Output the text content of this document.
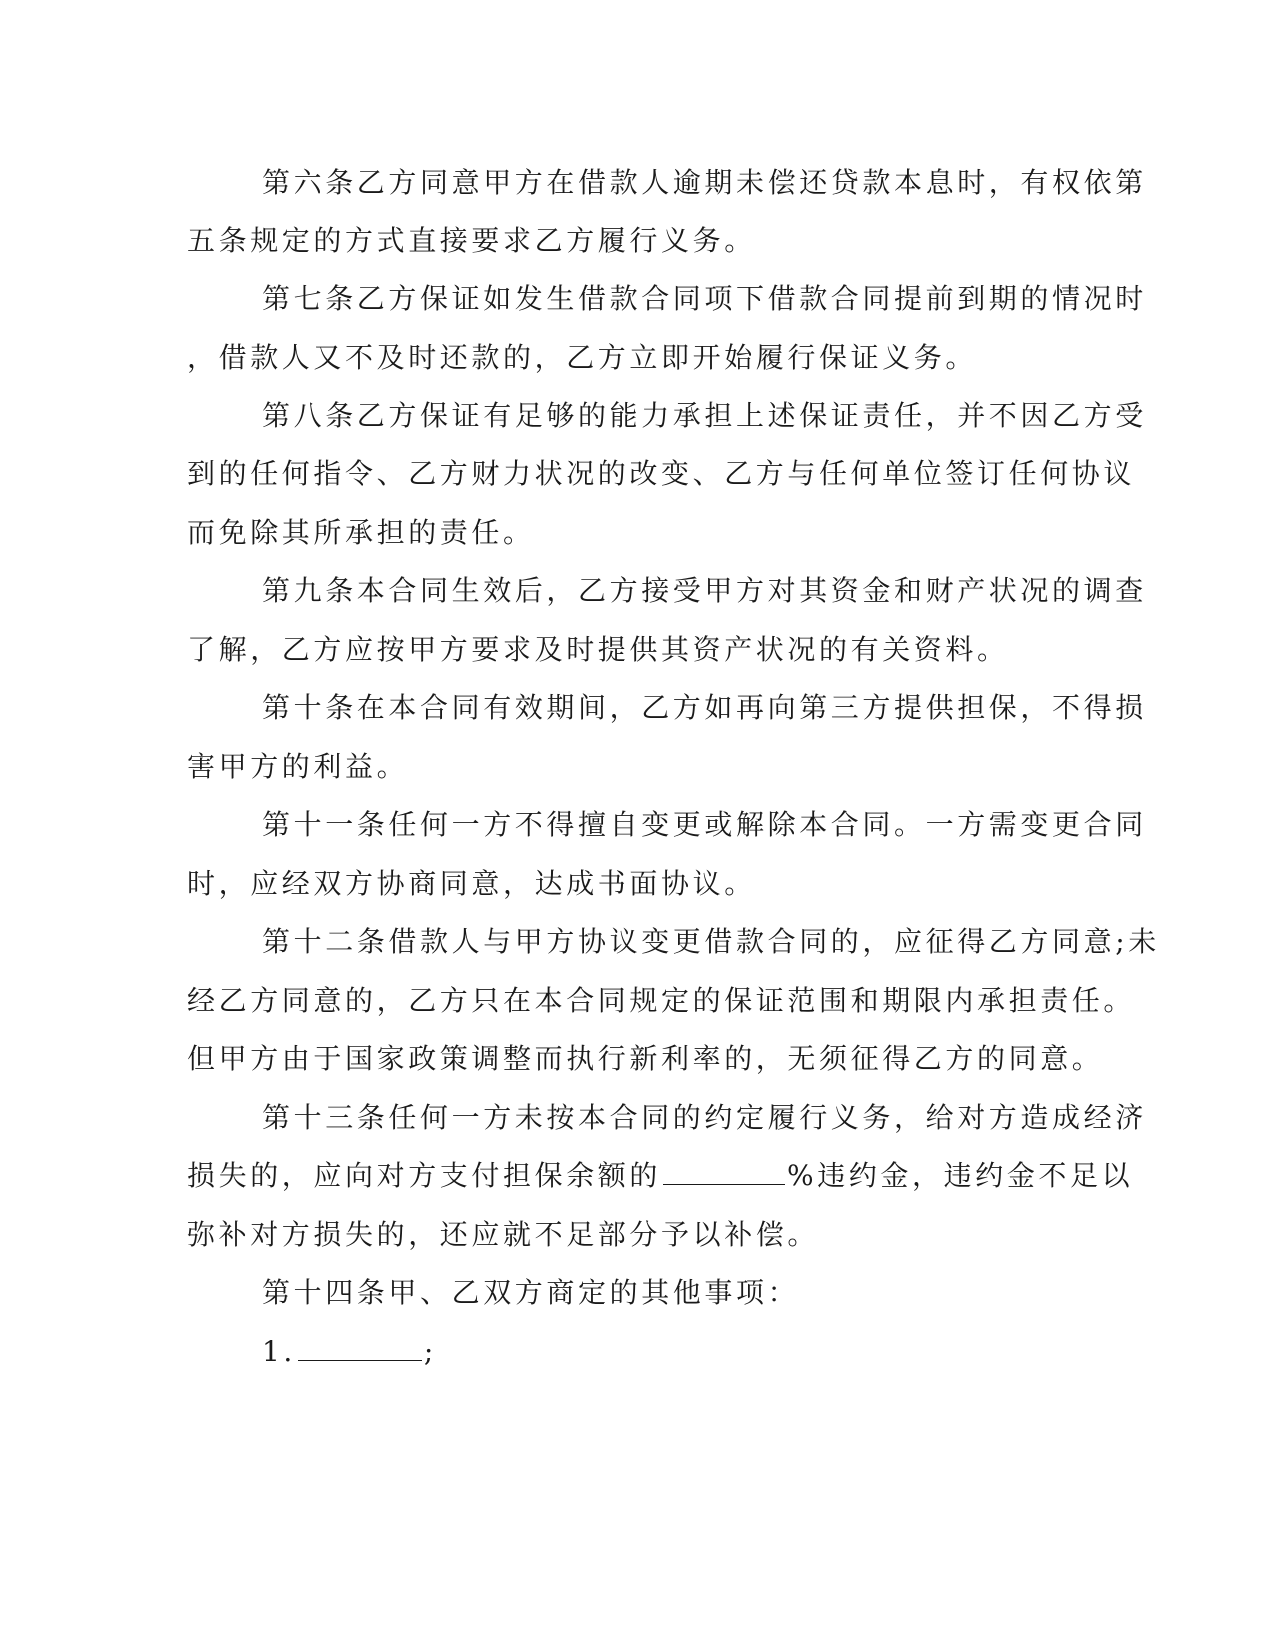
第六条乙方同意甲方在借款人逾期未偿还贷款本息时，有权依第
五条规定的方式直接要求乙方履行义务。
第七条乙方保证如发生借款合同项下借款合同提前到期的情况时
，借款人又不及时还款的，乙方立即开始履行保证义务。
第八条乙方保证有足够的能力承担上述保证责任，并不因乙方受
到的任何指令、乙方财力状况的改变、乙方与任何单位签订任何协议
而免除其所承担的责任。
第九条本合同生效后，乙方接受甲方对其资金和财产状况的调查
了解，乙方应按甲方要求及时提供其资产状况的有关资料。
第十条在本合同有效期间，乙方如再向第三方提供担保，不得损
害甲方的利益。
第十一条任何一方不得擅自变更或解除本合同。一方需变更合同
时，应经双方协商同意，达成书面协议。
第十二条借款人与甲方协议变更借款合同的，应征得乙方同意;未
经乙方同意的，乙方只在本合同规定的保证范围和期限内承担责任。
但甲方由于国家政策调整而执行新利率的，无须征得乙方的同意。
第十三条任何一方未按本合同的约定履行义务，给对方造成经济
损失的，应向对方支付担保余额的	%违约金，违约金不足以
弥补对方损失的，还应就不足部分予以补偿。
第十四条甲、乙双方商定的其他事项：
1.	;
